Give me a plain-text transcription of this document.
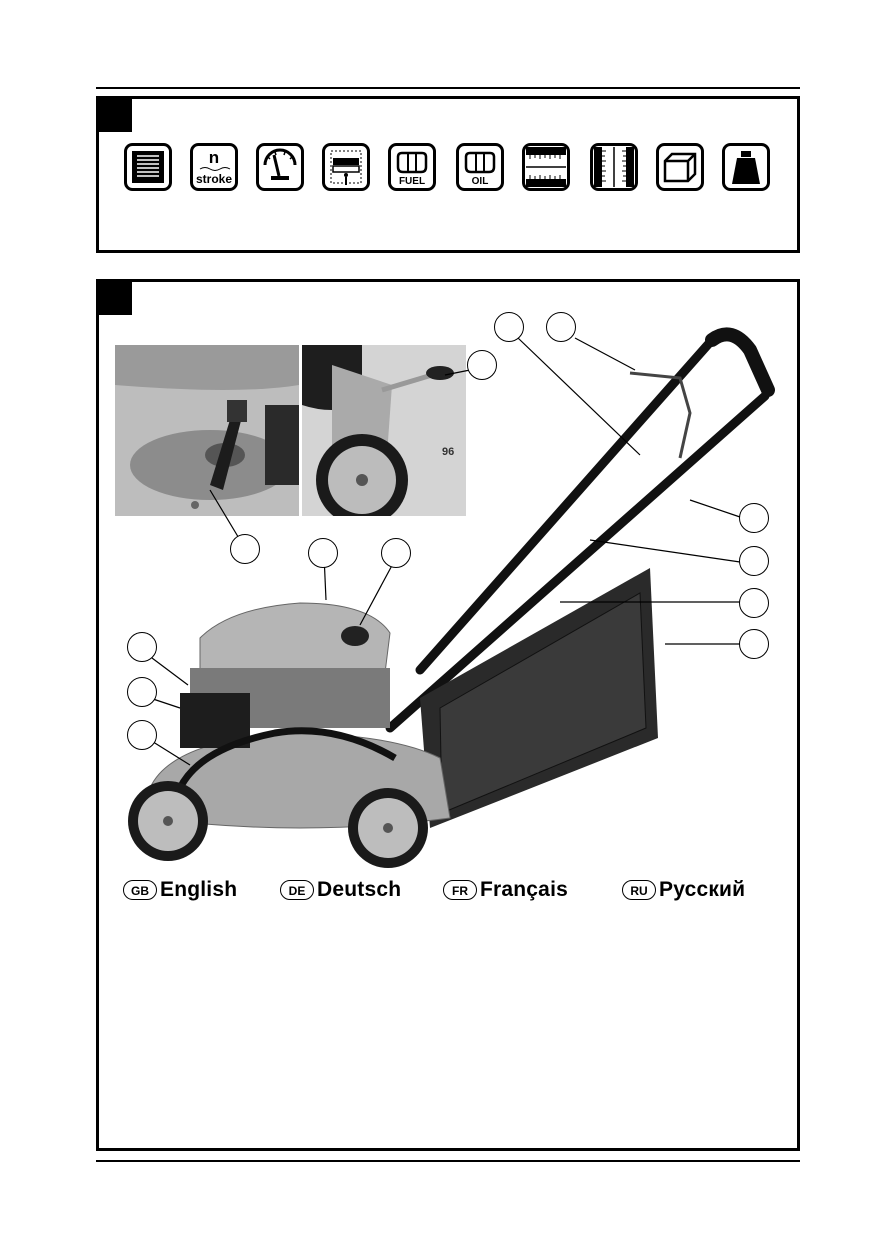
n
stroke	FUEL	OIL
96
GB English	DE Deutsch	FR Français	RU Русский
